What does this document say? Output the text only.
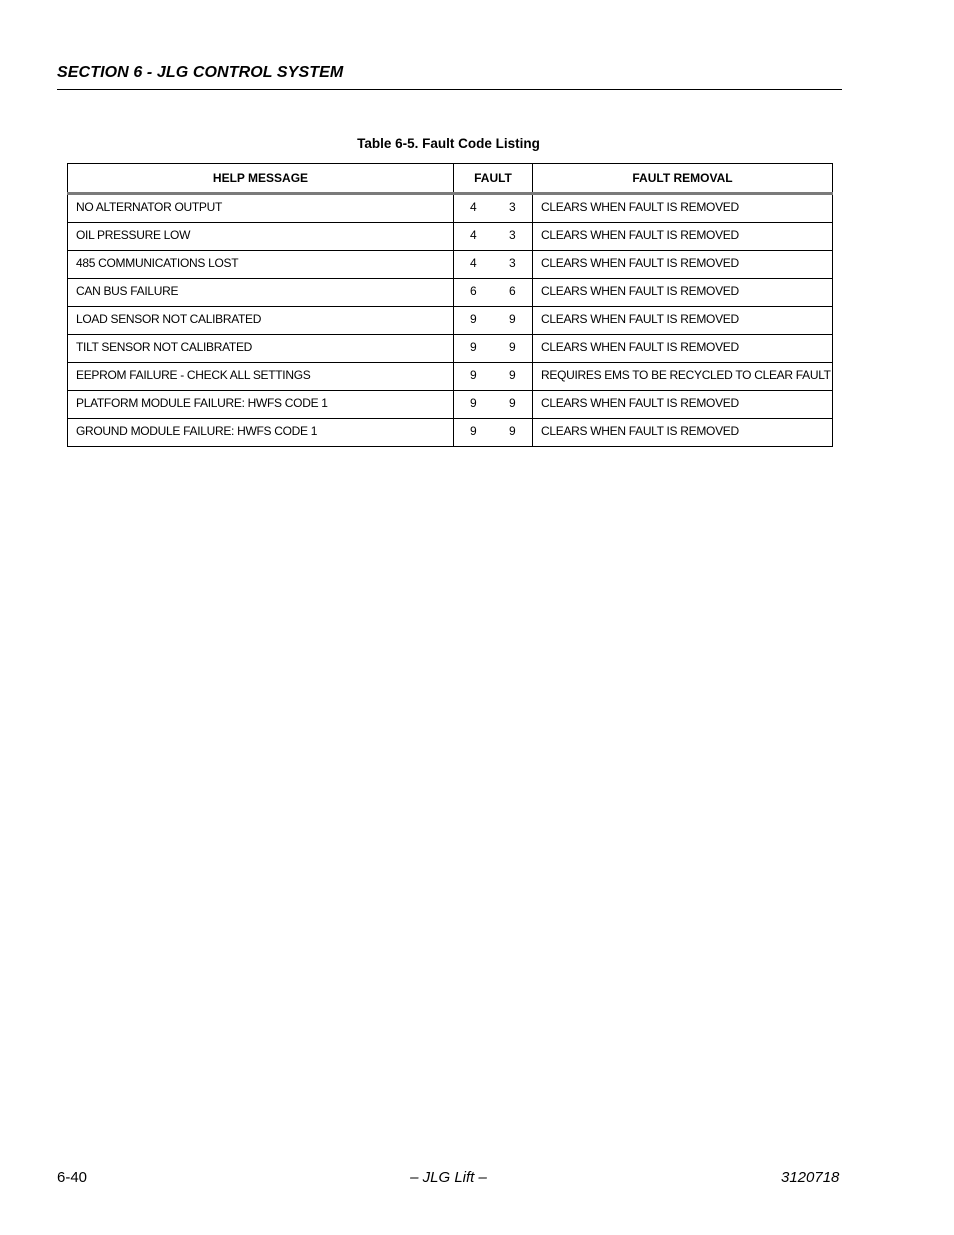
SECTION 6 - JLG CONTROL SYSTEM
Table 6-5. Fault Code Listing
HELP MESSAGE	FAULT	FAULT REMOVAL

NO ALTERNATOR OUTPUT	4 3	CLEARS WHEN FAULT IS REMOVED

OIL PRESSURE LOW	4 3	CLEARS WHEN FAULT IS REMOVED

485 COMMUNICATIONS LOST	4 3	CLEARS WHEN FAULT IS REMOVED

CAN BUS FAILURE	6 6	CLEARS WHEN FAULT IS REMOVED

LOAD SENSOR NOT CALIBRATED	9 9	CLEARS WHEN FAULT IS REMOVED

TILT SENSOR NOT CALIBRATED	9 9	CLEARS WHEN FAULT IS REMOVED

EEPROM FAILURE - CHECK ALL SETTINGS	9 9	REQUIRES EMS TO BE RECYCLED TO CLEAR FAULT

PLATFORM MODULE FAILURE: HWFS CODE 1	9 9	CLEARS WHEN FAULT IS REMOVED

GROUND MODULE FAILURE: HWFS CODE 1	9 9	CLEARS WHEN FAULT IS REMOVED
6-40	– JLG Lift –	3120718
